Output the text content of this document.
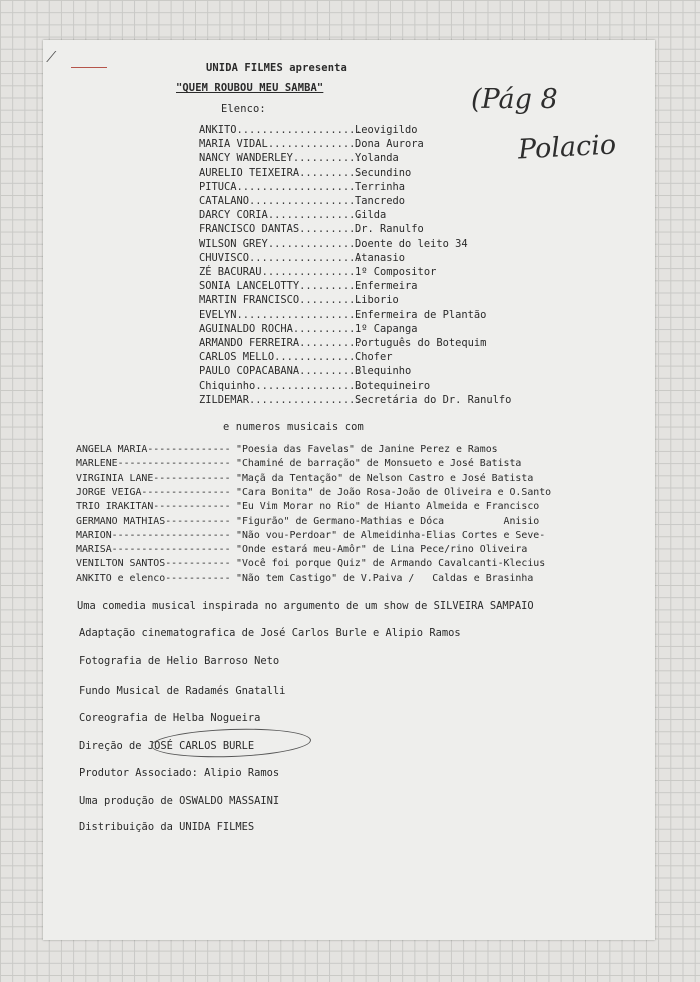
⁄
UNIDA FILMES apresenta
"QUEM ROUBOU MEU SAMBA"
Elenco:	(Pág 8
Polacio
ANKITO....................Leovigildo
MARIA VIDAL...............Dona Aurora
NANCY WANDERLEY...........Yolanda
AURELIO TEIXEIRA..........Secundino
PITUCA....................Terrinha
CATALANO..................Tancredo
DARCY CORIA...............Gilda
FRANCISCO DANTAS..........Dr. Ranulfo
WILSON GREY...............Doente do leito 34
CHUVISCO..................Atanasio
ZÉ BACURAU................1º Compositor
SONIA LANCELOTTY..........Enfermeira
MARTIN FRANCISCO..........Liborio
EVELYN....................Enfermeira de Plantão
AGUINALDO ROCHA...........1º Capanga
ARMANDO FERREIRA..........Português do Botequim
CARLOS MELLO..............Chofer
PAULO COPACABANA..........Blequinho
Chiquinho.................Botequineiro
ZILDEMAR..................Secretária do Dr. Ranulfo
e numeros musicais com
ANGELA MARIA-------------- "Poesia das Favelas" de Janine Perez e Ramos
MARLENE------------------- "Chaminé de barração" de Monsueto e José Batista
VIRGINIA LANE------------- "Maçã da Tentação" de Nelson Castro e José Batista
JORGE VEIGA--------------- "Cara Bonita" de João Rosa-João de Oliveira e O.Santo
TRIO IRAKITAN------------- "Eu Vim Morar no Rio" de Hianto Almeida e Francisco
GERMANO MATHIAS----------- "Figurão" de Germano-Mathias e Dóca          Anisio
MARION-------------------- "Não vou-Perdoar" de Almeidinha-Elias Cortes e Seve-
MARISA-------------------- "Onde estará meu-Amôr" de Lina Pece/rino Oliveira
VENILTON SANTOS----------- "Você foi porque Quiz" de Armando Cavalcanti-Klecius
ANKITO e elenco----------- "Não tem Castigo" de V.Paiva /   Caldas e Brasinha
Uma comedia musical inspirada no argumento de um show de SILVEIRA SAMPAIO
Adaptação cinematografica de José Carlos Burle e Alipio Ramos
Fotografia de Helio Barroso Neto
Fundo Musical de Radamés Gnatalli
Coreografia de Helba Nogueira
Direção de JOSÉ CARLOS BURLE
Produtor Associado: Alipio Ramos
Uma produção de OSWALDO MASSAINI
Distribuição da UNIDA FILMES
